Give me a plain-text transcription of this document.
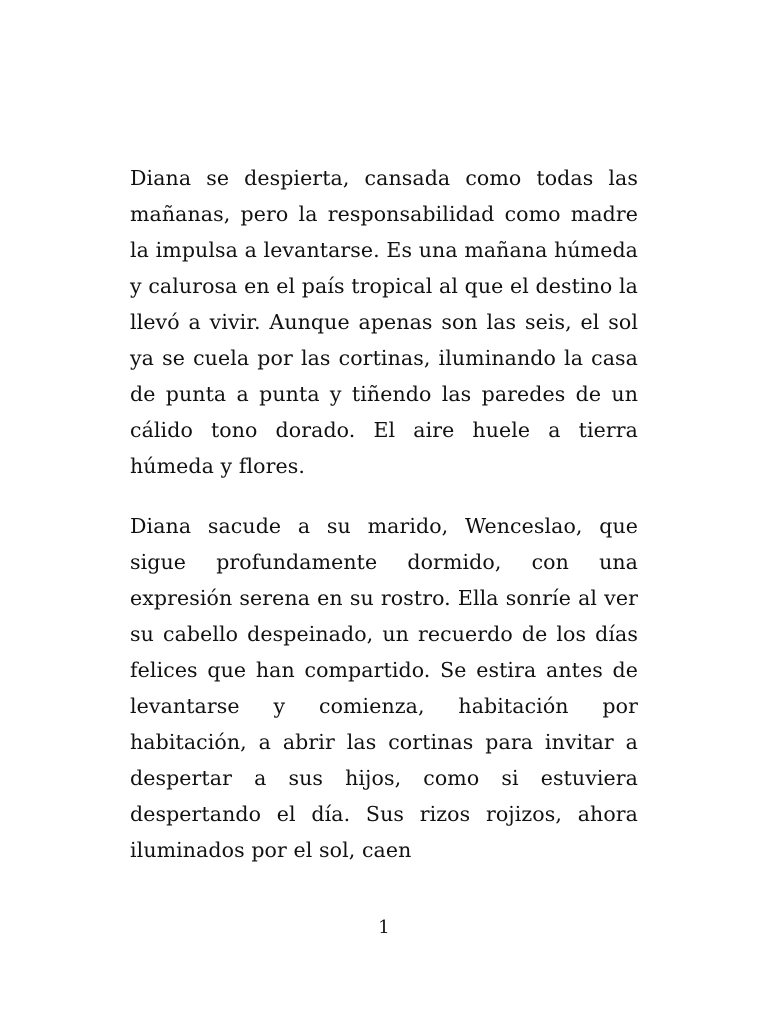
Diana se despierta, cansada como todas las mañanas, pero la responsabilidad como madre la impulsa a levantarse. Es una mañana húmeda y calurosa en el país tropical al que el destino la llevó a vivir. Aunque apenas son las seis, el sol ya se cuela por las cortinas, iluminando la casa de punta a punta y tiñendo las paredes de un cálido tono dorado. El aire huele a tierra húmeda y flores.

Diana sacude a su marido, Wenceslao, que sigue profundamente dormido, con una expresión serena en su rostro. Ella sonríe al ver su cabello despeinado, un recuerdo de los días felices que han compartido. Se estira antes de levantarse y comienza, habitación por habitación, a abrir las cortinas para invitar a despertar a sus hijos, como si estuviera despertando el día. Sus rizos rojizos, ahora iluminados por el sol, caen

1
